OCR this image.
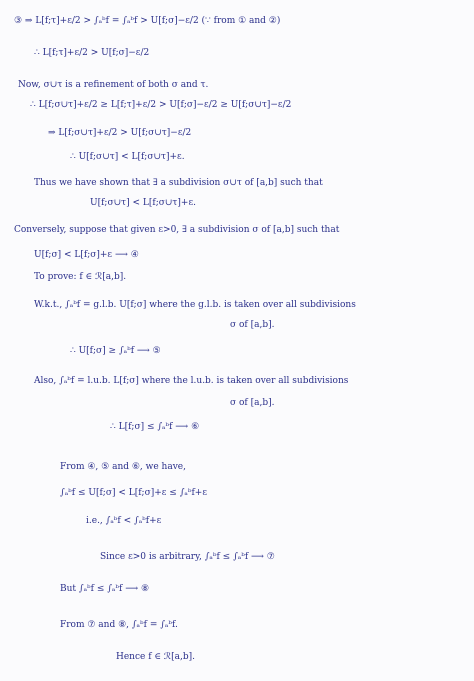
③ ⇒ L[f;τ]+ε/2 > ∫ₐᵇf = ∫ₐᵇf > U[f;σ]−ε/2 (∵ from ① and ②)
∴ L[f;τ]+ε/2 > U[f;σ]−ε/2
Now, σ∪τ is a refinement of both σ and τ.
∴ L[f;σ∪τ]+ε/2 ≥ L[f;τ]+ε/2 > U[f;σ]−ε/2 ≥ U[f;σ∪τ]−ε/2
⇒ L[f;σ∪τ]+ε/2 > U[f;σ∪τ]−ε/2
∴ U[f;σ∪τ] < L[f;σ∪τ]+ε.
Thus we have shown that ∃ a subdivision σ∪τ of [a,b] such that
U[f;σ∪τ] < L[f;σ∪τ]+ε.
Conversely, suppose that given ε>0, ∃ a subdivision σ of [a,b] such that
U[f;σ] < L[f;σ]+ε ⟶ ④
To prove: f ∈ ℛ[a,b].
W.k.t., ∫ₐᵇf = g.l.b. U[f;σ] where the g.l.b. is taken over all subdivisions
σ of [a,b].
∴ U[f;σ] ≥ ∫ₐᵇf ⟶ ⑤
Also, ∫ₐᵇf = l.u.b. L[f;σ] where the l.u.b. is taken over all subdivisions
σ of [a,b].
∴ L[f;σ] ≤ ∫ₐᵇf ⟶ ⑥
From ④, ⑤ and ⑥, we have,
∫ₐᵇf ≤ U[f;σ] < L[f;σ]+ε ≤ ∫ₐᵇf+ε
i.e., ∫ₐᵇf < ∫ₐᵇf+ε
Since ε>0 is arbitrary, ∫ₐᵇf ≤ ∫ₐᵇf ⟶ ⑦
But ∫ₐᵇf ≤ ∫ₐᵇf ⟶ ⑧
From ⑦ and ⑧, ∫ₐᵇf = ∫ₐᵇf.
Hence f ∈ ℛ[a,b].
